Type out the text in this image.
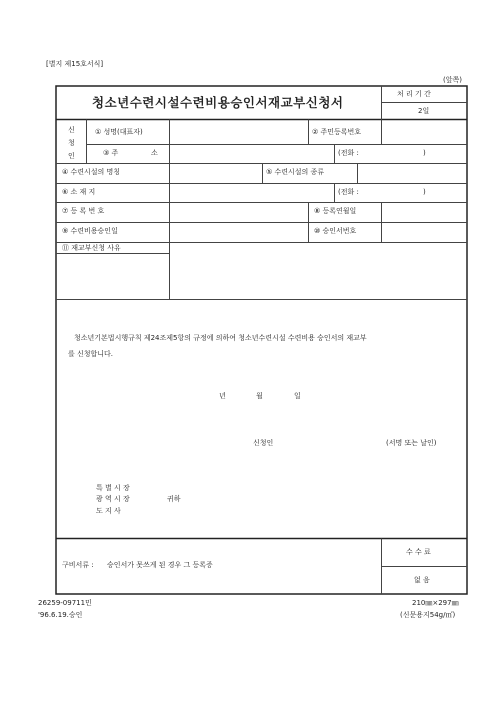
[별지 제15호서식]
(앞쪽)
청소년수련시설수련비용승인서재교부신청서
처 리 기 간
2일
신
청
인
① 성명(대표자)	② 주민등록번호
③ 주	소	(전화 :	)
④ 수련시설의 명칭	⑤ 수련시설의 종류
⑥ 소 재 지	(전화 :	)
⑦ 등 록 번 호	⑧ 등록연월일
⑨ 수련비용승인일	⑩ 승인서번호
⑪ 재교부신청 사유
청소년기본법시행규칙 제24조제5항의 규정에 의하여 청소년수련시설 수련비용 승인서의 재교부
를 신청합니다.
년	월	일
신청인	(서명 또는 날인)
특 별 시 장
광 역 시 장	귀하
도 지 사
구비서류 : 승인서가 못쓰게 된 경우 그 등록증
수 수 료
없 음
26259-09711민
'96.6.19.승인
210㎜×297㎜
(신문용지54g/㎡)
